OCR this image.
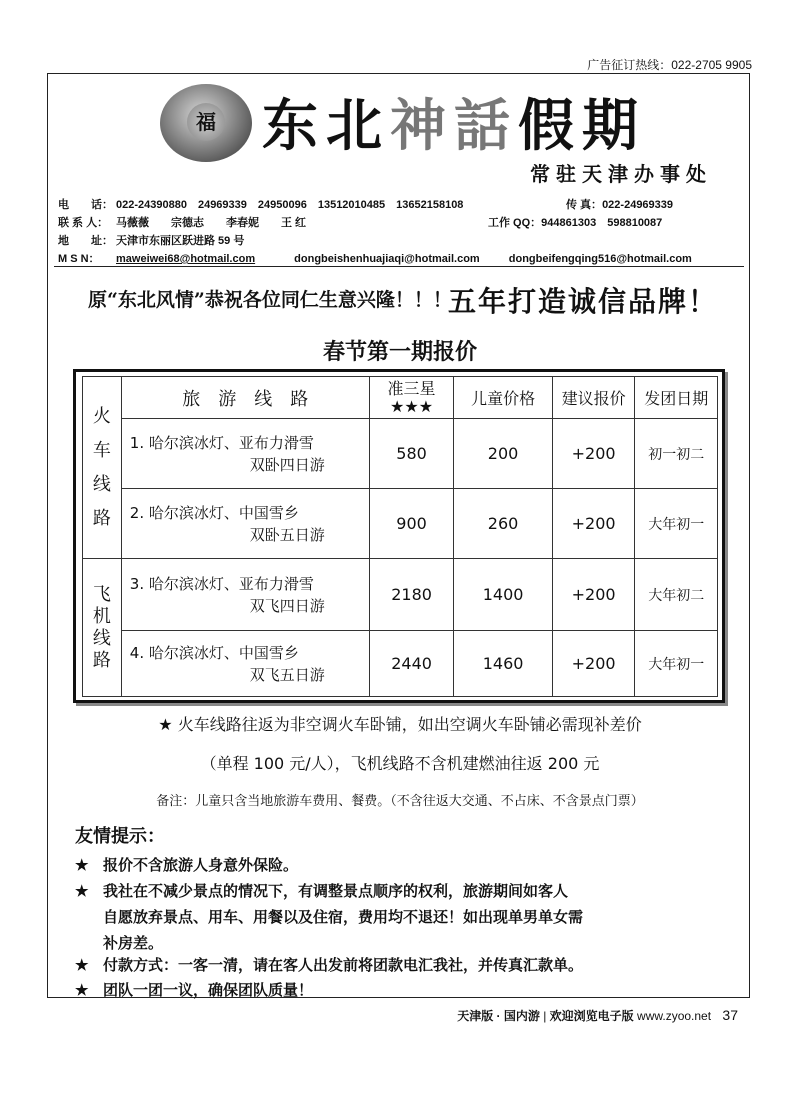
广告征订热线：022-2705 9905
福 东北神話假期
常驻天津办事处
电　　话： 022-24390880　24969339　24950096　13512010485　13652158108	传 真：022-24969339
联 系 人： 马薇薇　　宗德志　　李春妮　　王 红	工作 QQ：944861303　598810087
地　　址： 天津市东丽区跃进路 59 号
M S N： maweiwei68@hotmail.com	dongbeishenhuajiaqi@hotmail.com	dongbeifengqing516@hotmail.com
原“东北风情”恭祝各位同仁生意兴隆！！！
五年打造诚信品牌！
春节第一期报价
火
车
线
路	旅　游　线　路	准三星
★★★	儿童价格	建议报价	发团日期
	1. 哈尔滨冰灯、亚布力滑雪
双卧四日游	580	200	+200	初一初二
	2. 哈尔滨冰灯、中国雪乡
双卧五日游	900	260	+200	大年初一
飞
机
线
路	3. 哈尔滨冰灯、亚布力滑雪
双飞四日游	2180	1400	+200	大年初二
	4. 哈尔滨冰灯、中国雪乡
双飞五日游	2440	1460	+200	大年初一
★ 火车线路往返为非空调火车卧铺，如出空调火车卧铺必需现补差价
（单程 100 元/人），飞机线路不含机建燃油往返 200 元
备注：儿童只含当地旅游车费用、餐费。（不含往返大交通、不占床、不含景点门票）
友情提示：
★ 报价不含旅游人身意外保险。
★ 我社在不减少景点的情况下，有调整景点顺序的权利，旅游期间如客人
自愿放弃景点、用车、用餐以及住宿，费用均不退还！如出现单男单女需
补房差。
★ 付款方式：一客一清，请在客人出发前将团款电汇我社，并传真汇款单。
★ 团队一团一议，确保团队质量！
天津版 · 国内游 | 欢迎浏览电子版 www.zyoo.net 37
